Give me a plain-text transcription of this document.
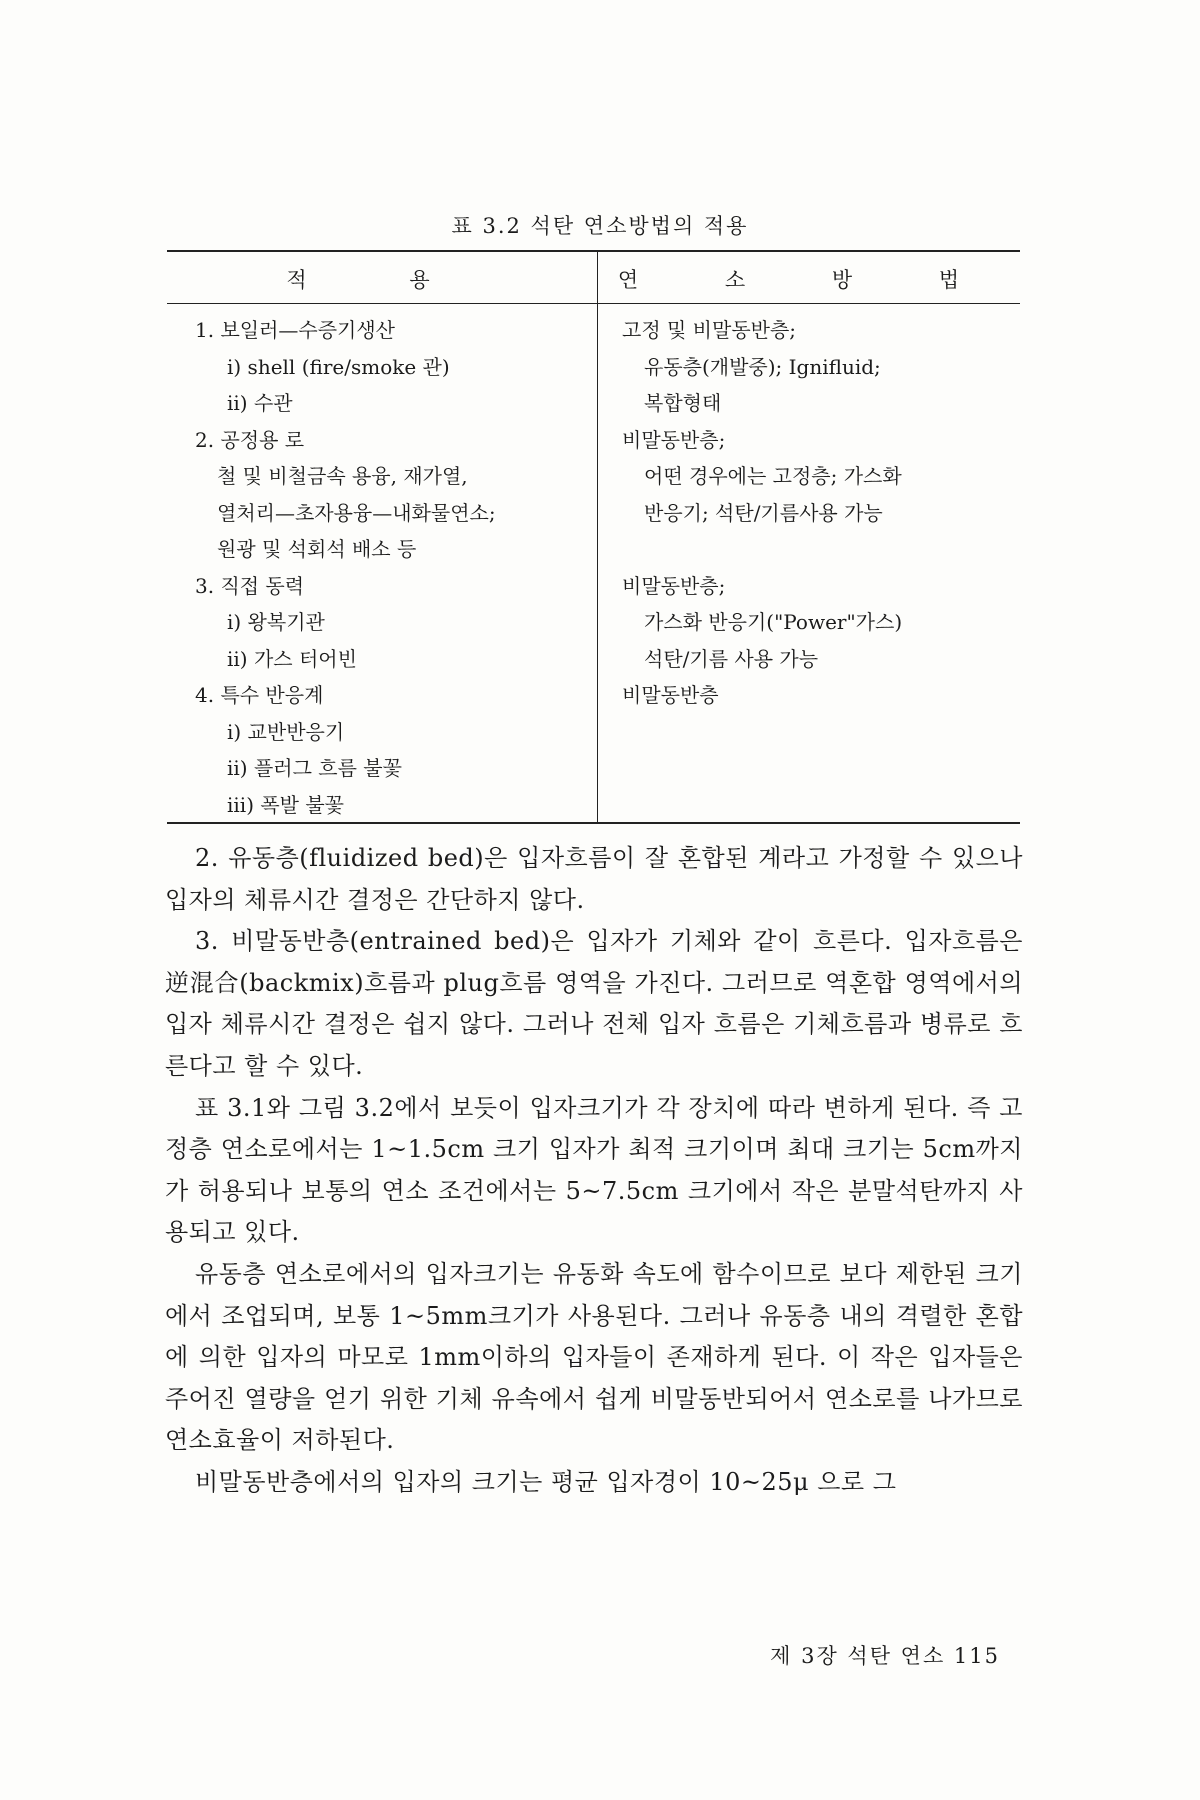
표 3.2 석탄 연소방법의 적용
적 용	연 소 방 법
1. 보일러—수증기생산
i) shell (fire/smoke 관)
ii) 수관
2. 공정용 로
철 및 비철금속 용융, 재가열,
열처리—초자용융—내화물연소;
원광 및 석회석 배소 등
3. 직접 동력
i) 왕복기관
ii) 가스 터어빈
4. 특수 반응계
i) 교반반응기
ii) 플러그 흐름 불꽃
iii) 폭발 불꽃
고정 및 비말동반층;
유동층(개발중); Ignifluid;
복합형태
비말동반층;
어떤 경우에는 고정층; 가스화
반응기; 석탄/기름사용 가능
비말동반층;
가스화 반응기("Power"가스)
석탄/기름 사용 가능
비말동반층

2. 유동층(fluidized bed)은 입자흐름이 잘 혼합된 계라고 가정할 수 있으나 입자의 체류시간 결정은 간단하지 않다.

3. 비말동반층(entrained bed)은 입자가 기체와 같이 흐른다. 입자흐름은 逆混合(backmix)흐름과 plug흐름 영역을 가진다. 그러므로 역혼합 영역에서의 입자 체류시간 결정은 쉽지 않다. 그러나 전체 입자 흐름은 기체흐름과 병류로 흐른다고 할 수 있다.

표 3.1와 그림 3.2에서 보듯이 입자크기가 각 장치에 따라 변하게 된다. 즉 고정층 연소로에서는 1~1.5cm 크기 입자가 최적 크기이며 최대 크기는 5cm까지가 허용되나 보통의 연소 조건에서는 5~7.5cm 크기에서 작은 분말석탄까지 사용되고 있다.

유동층 연소로에서의 입자크기는 유동화 속도에 함수이므로 보다 제한된 크기에서 조업되며, 보통 1~5mm크기가 사용된다. 그러나 유동층 내의 격렬한 혼합에 의한 입자의 마모로 1mm이하의 입자들이 존재하게 된다. 이 작은 입자들은 주어진 열량을 얻기 위한 기체 유속에서 쉽게 비말동반되어서 연소로를 나가므로 연소효율이 저하된다.

비말동반층에서의 입자의 크기는 평균 입자경이 10~25μ 으로 그

제 3장 석탄 연소 115
